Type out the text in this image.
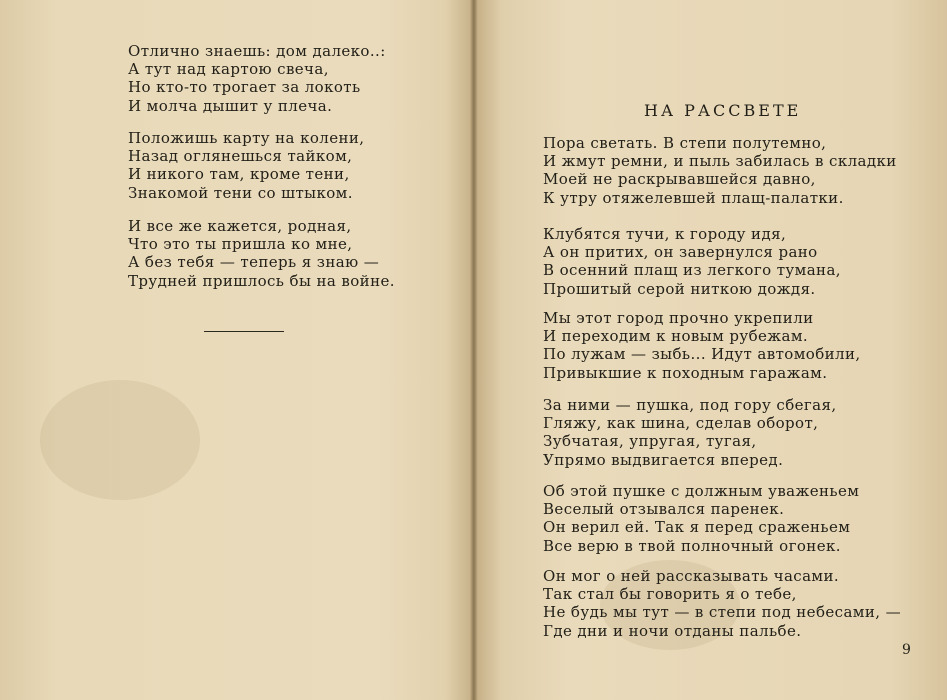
Отлично знаешь: дом далеко..:
А тут над картою свеча,
Но кто-то трогает за локоть
И молча дышит у плеча.
Положишь карту на колени,
Назад оглянешься тайком,
И никого там, кроме тени,
Знакомой тени со штыком.
И все же кажется, родная,
Что это ты пришла ко мне,
А без тебя — теперь я знаю —
Трудней пришлось бы на войне.
НА РАССВЕТЕ
Пора светать. В степи полутемно,
И жмут ремни, и пыль забилась в складки
Моей не раскрывавшейся давно,
К утру отяжелевшей плащ-палатки.
Клубятся тучи, к городу идя,
А он притих, он завернулся рано
В осенний плащ из легкого тумана,
Прошитый серой ниткою дождя.
Мы этот город прочно укрепили
И переходим к новым рубежам.
По лужам — зыбь... Идут автомобили,
Привыкшие к походным гаражам.
За ними — пушка, под гору сбегая,
Гляжу, как шина, сделав оборот,
Зубчатая, упругая, тугая,
Упрямо выдвигается вперед.
Об этой пушке с должным уваженьем
Веселый отзывался паренек.
Он верил ей. Так я перед сраженьем
Все верю в твой полночный огонек.
Он мог о ней рассказывать часами.
Так стал бы говорить я о тебе,
Не будь мы тут — в степи под небесами, —
Где дни и ночи отданы пальбе.
9
